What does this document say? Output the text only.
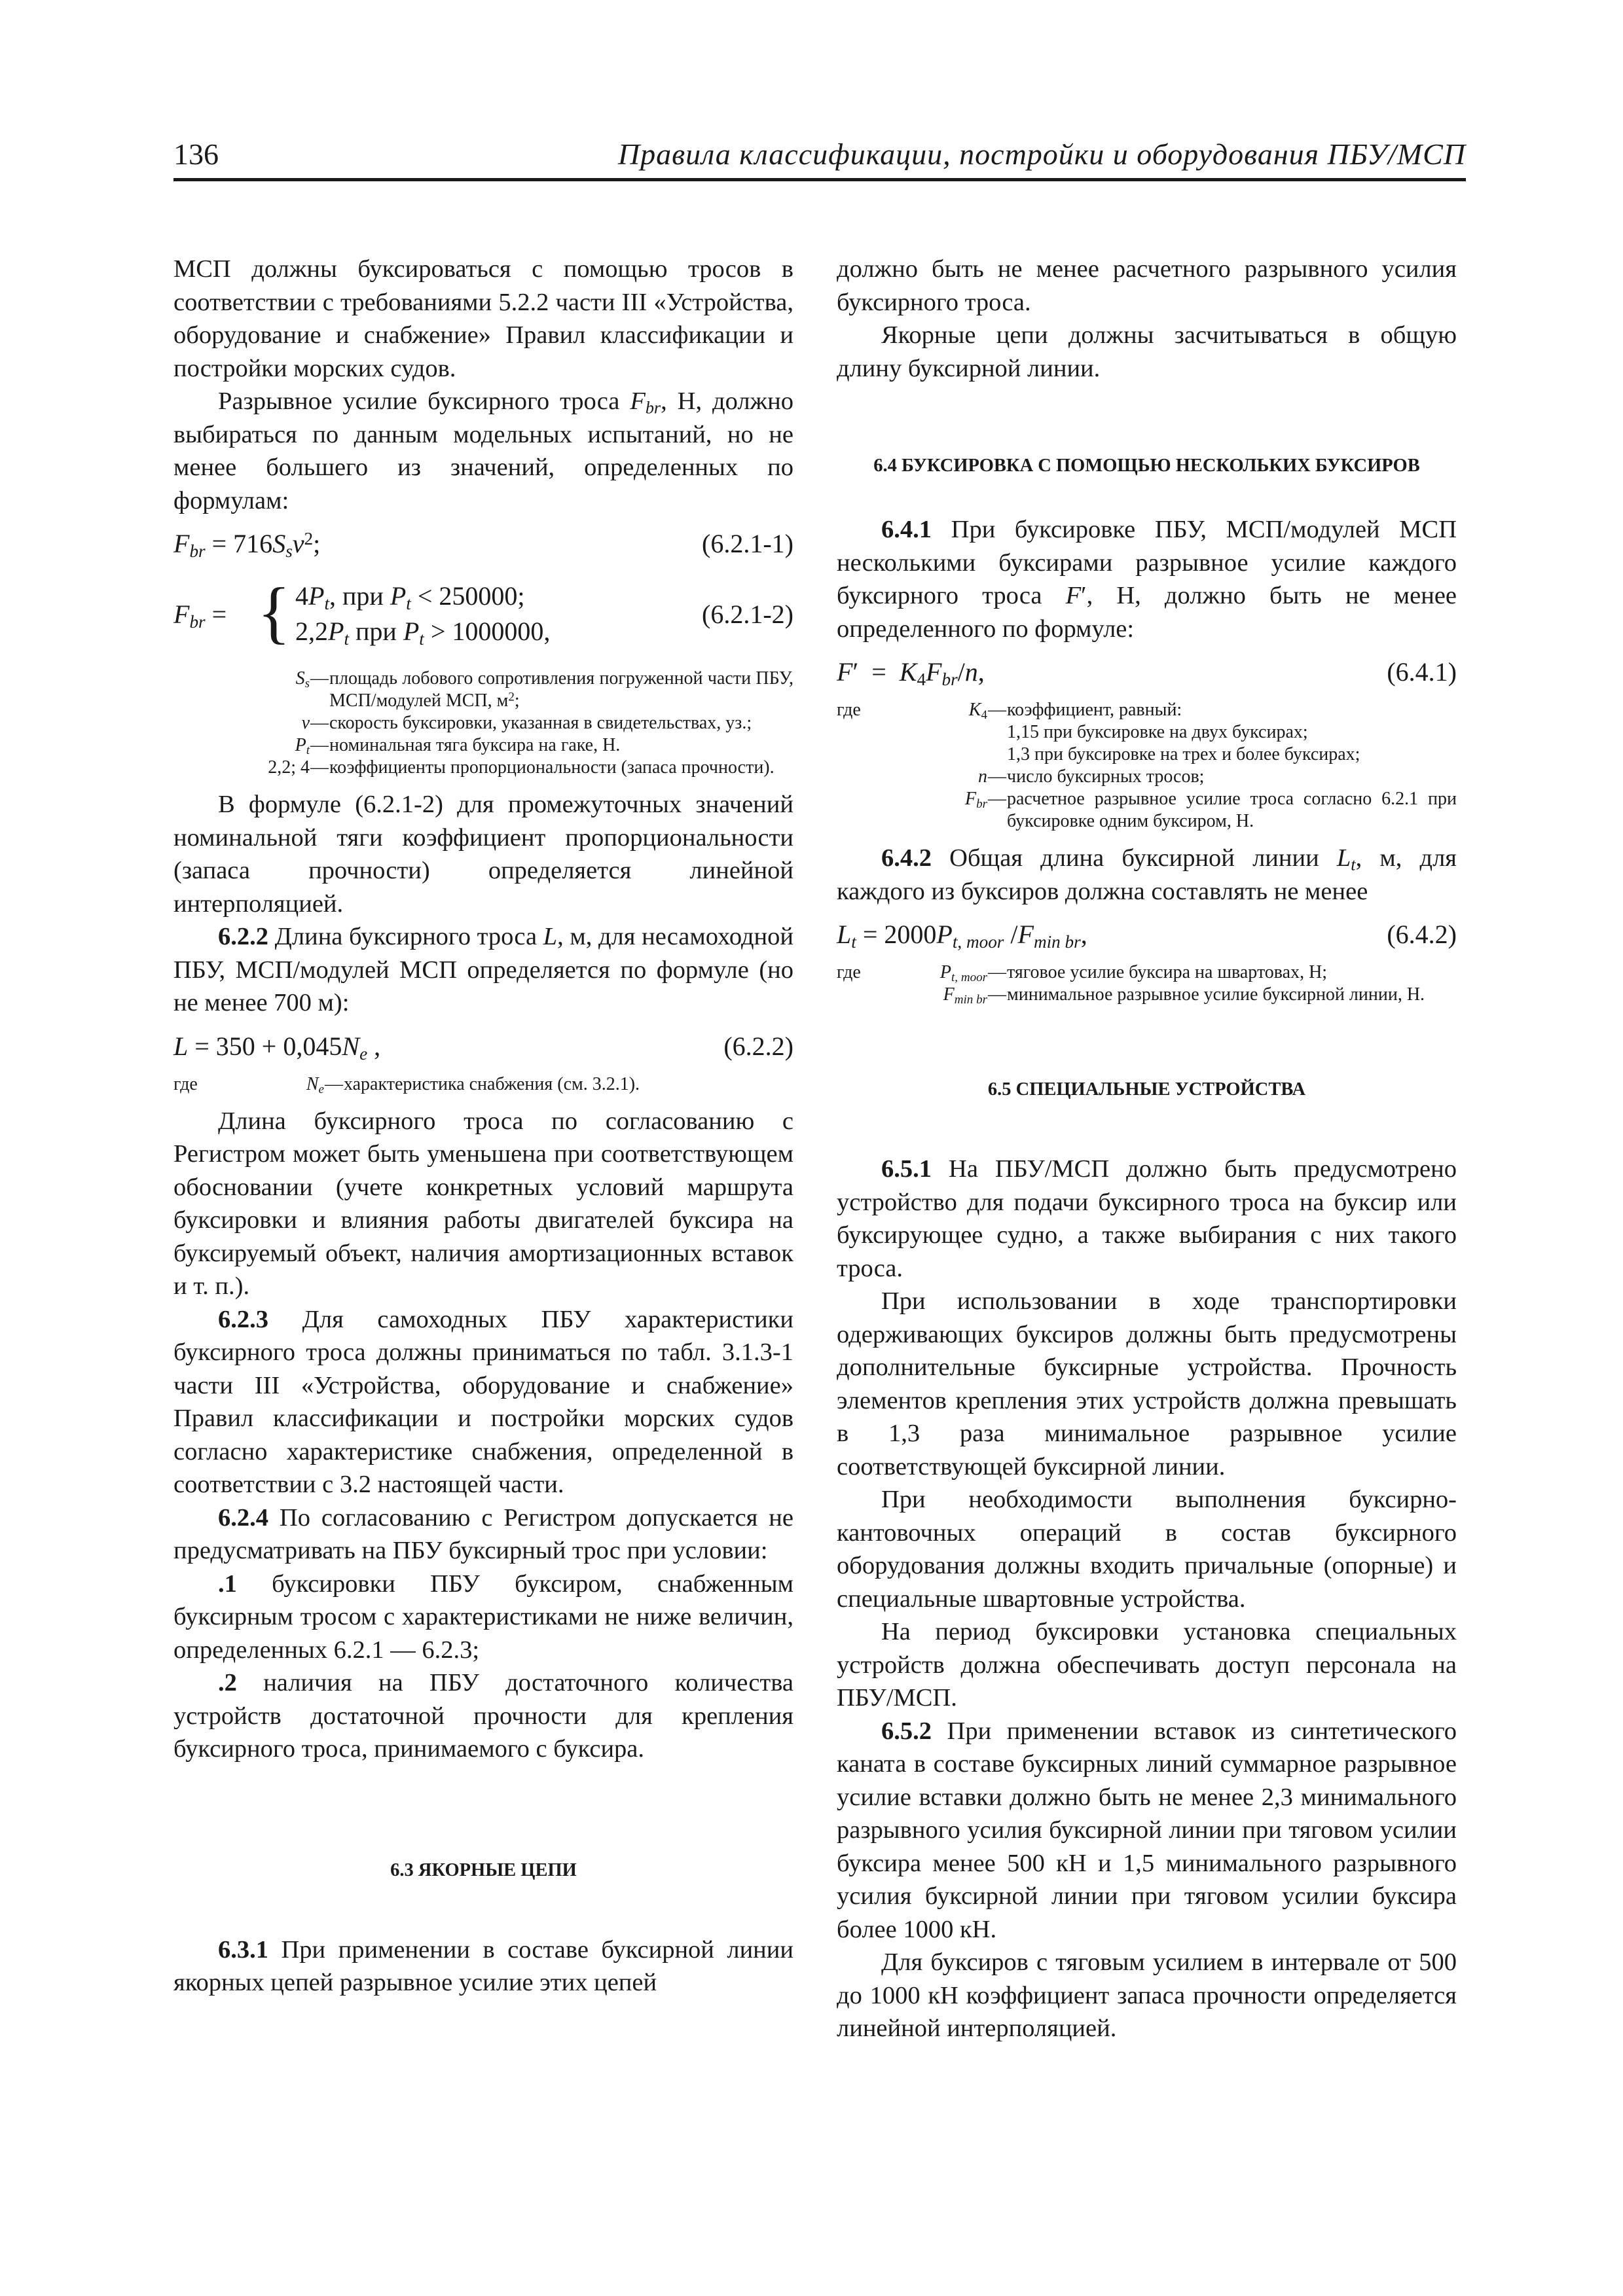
136	Правила классификации, постройки и оборудования ПБУ/МСП

МСП должны буксироваться с помощью тросов в соответствии с требованиями 5.2.2 части III «Устройства, оборудование и снабжение» Правил классификации и постройки морских судов.

Разрывное усилие буксирного троса $F_{br}$, Н, должно выбираться по данным модельных испытаний, но не менее большего из значений, определенных по формулам:

$F_{br} = 716S_sv^2$;	(6.2.1-1)
$F_{br}$ = { $4P_t$, при $P_t < 250000$;
$2,2P_t$ при $P_t > 1000000$,
(6.2.1-2)
$S_s$ — площадь лобового сопротивления погруженной части ПБУ, МСП/модулей МСП, $м^2$;
v — скорость буксировки, указанная в свидетельствах, уз.;
$P_t$ — номинальная тяга буксира на гаке, Н.
2,2; 4 — коэффициенты пропорциональности (запаса прочности).

В формуле (6.2.1-2) для промежуточных значений номинальной тяги коэффициент пропорциональности (запаса прочности) определяется линейной интерполяцией.

6.2.2 Длина буксирного троса L, м, для несамоходной ПБУ, МСП/модулей МСП определяется по формуле (но не менее 700 м):

$L = 350 + 0,045N_e$ ,	(6.2.2)
где	$N_e$ — характеристика снабжения (см. 3.2.1).

Длина буксирного троса по согласованию с Регистром может быть уменьшена при соответствующем обосновании (учете конкретных условий маршрута буксировки и влияния работы двигателей буксира на буксируемый объект, наличия амортизационных вставок и т. п.).

6.2.3 Для самоходных ПБУ характеристики буксирного троса должны приниматься по табл. 3.1.3-1 части III «Устройства, оборудование и снабжение» Правил классификации и постройки морских судов согласно характеристике снабжения, определенной в соответствии с 3.2 настоящей части.

6.2.4 По согласованию с Регистром допускается не предусматривать на ПБУ буксирный трос при условии:

.1 буксировки ПБУ буксиром, снабженным буксирным тросом с характеристиками не ниже величин, определенных 6.2.1 — 6.2.3;

.2 наличия на ПБУ достаточного количества устройств достаточной прочности для крепления буксирного троса, принимаемого с буксира.

6.3 ЯКОРНЫЕ ЦЕПИ

6.3.1 При применении в составе буксирной линии якорных цепей разрывное усилие этих цепей

должно быть не менее расчетного разрывного усилия буксирного троса.

Якорные цепи должны засчитываться в общую длину буксирной линии.

6.4 БУКСИРОВКА С ПОМОЩЬЮ НЕСКОЛЬКИХ БУКСИРОВ

6.4.1 При буксировке ПБУ, МСП/модулей МСП несколькими буксирами разрывное усилие каждого буксирного троса F′, Н, должно быть не менее определенного по формуле:

$F' = K_4F_{br}/n$,	(6.4.1)
где	$K_4$ — коэффициент, равный:
1,15 при буксировке на двух буксирах;
1,3 при буксировке на трех и более буксирах;
n — число буксирных тросов;
$F_{br}$ — расчетное разрывное усилие троса согласно 6.2.1 при буксировке одним буксиром, Н.

6.4.2 Общая длина буксирной линии $L_t$, м, для каждого из буксиров должна составлять не менее

$L_t = 2000P_{t, moor}$ $/F_{min br}$,	(6.4.2)
где	$P_{t, moor}$ — тяговое усилие буксира на швартовах, Н;
$F_{min br}$ — минимальное разрывное усилие буксирной линии, Н.
6.5 СПЕЦИАЛЬНЫЕ УСТРОЙСТВА

6.5.1 На ПБУ/МСП должно быть предусмотрено устройство для подачи буксирного троса на буксир или буксирующее судно, а также выбирания с них такого троса.

При использовании в ходе транспортировки одерживающих буксиров должны быть предусмотрены дополнительные буксирные устройства. Прочность элементов крепления этих устройств должна превышать в 1,3 раза минимальное разрывное усилие соответствующей буксирной линии.

При необходимости выполнения буксирно-кантовочных операций в состав буксирного оборудования должны входить причальные (опорные) и специальные швартовные устройства.

На период буксировки установка специальных устройств должна обеспечивать доступ персонала на ПБУ/МСП.

6.5.2 При применении вставок из синтетического каната в составе буксирных линий суммарное разрывное усилие вставки должно быть не менее 2,3 минимального разрывного усилия буксирной линии при тяговом усилии буксира менее 500 кН и 1,5 минимального разрывного усилия буксирной линии при тяговом усилии буксира более 1000 кН.

Для буксиров с тяговым усилием в интервале от 500 до 1000 кН коэффициент запаса прочности определяется линейной интерполяцией.
